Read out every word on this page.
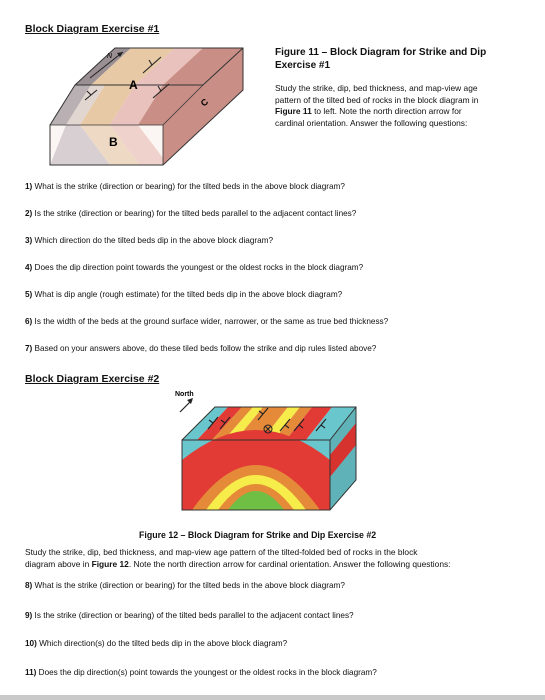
Block Diagram Exercise #1
N
A
B
C
Figure 11 – Block Diagram for Strike and Dip
Exercise #1
Study the strike, dip, bed thickness, and map-view age
pattern of the tilted bed of rocks in the block diagram in
Figure 11 to left. Note the north direction arrow for
cardinal orientation. Answer the following questions:
1) What is the strike (direction or bearing) for the tilted beds in the above block diagram?
2) Is the strike (direction or bearing) for the tilted beds parallel to the adjacent contact lines?
3) Which direction do the tilted beds dip in the above block diagram?
4) Does the dip direction point towards the youngest or the oldest rocks in the block diagram?
5) What is dip angle (rough estimate) for the tilted beds dip in the above block diagram?
6) Is the width of the beds at the ground surface wider, narrower, or the same as true bed thickness?
7) Based on your answers above, do these tiled beds follow the strike and dip rules listed above?
Block Diagram Exercise #2
North
Figure 12 – Block Diagram for Strike and Dip Exercise #2
Study the strike, dip, bed thickness, and map-view age pattern of the tilted-folded bed of rocks in the block
diagram above in Figure 12. Note the north direction arrow for cardinal orientation. Answer the following questions:
8) What is the strike (direction or bearing) for the tilted beds in the above block diagram?
9) Is the strike (direction or bearing) of the tilted beds parallel to the adjacent contact lines?
10) Which direction(s) do the tilted beds dip in the above block diagram?
11) Does the dip direction(s) point towards the youngest or the oldest rocks in the block diagram?
